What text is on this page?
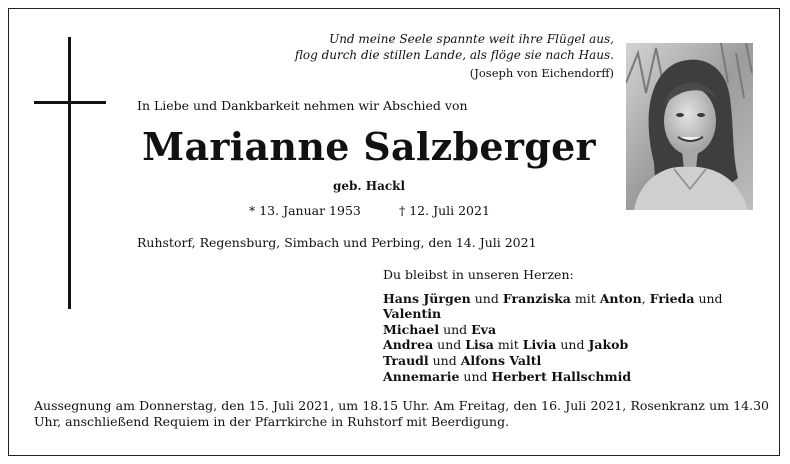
Und meine Seele spannte weit ihre Flügel aus,
flog durch die stillen Lande, als flöge sie nach Haus.
(Joseph von Eichendorff)
In Liebe und Dankbarkeit nehmen wir Abschied von
Marianne Salzberger
geb. Hackl
* 13. Januar 1953	† 12. Juli 2021
Ruhstorf, Regensburg, Simbach und Perbing, den 14. Juli 2021
Du bleibst in unseren Herzen:
Hans Jürgen und Franziska mit Anton, Frieda und Valentin
Michael und Eva
Andrea und Lisa mit Livia und Jakob
Traudl und Alfons Valtl
Annemarie und Herbert Hallschmid
Aussegnung am Donnerstag, den 15. Juli 2021, um 18.15 Uhr. Am Freitag, den 16. Juli 2021, Rosenkranz um 14.30 Uhr, anschließend Requiem in der Pfarrkirche in Ruhstorf mit Beerdigung.
